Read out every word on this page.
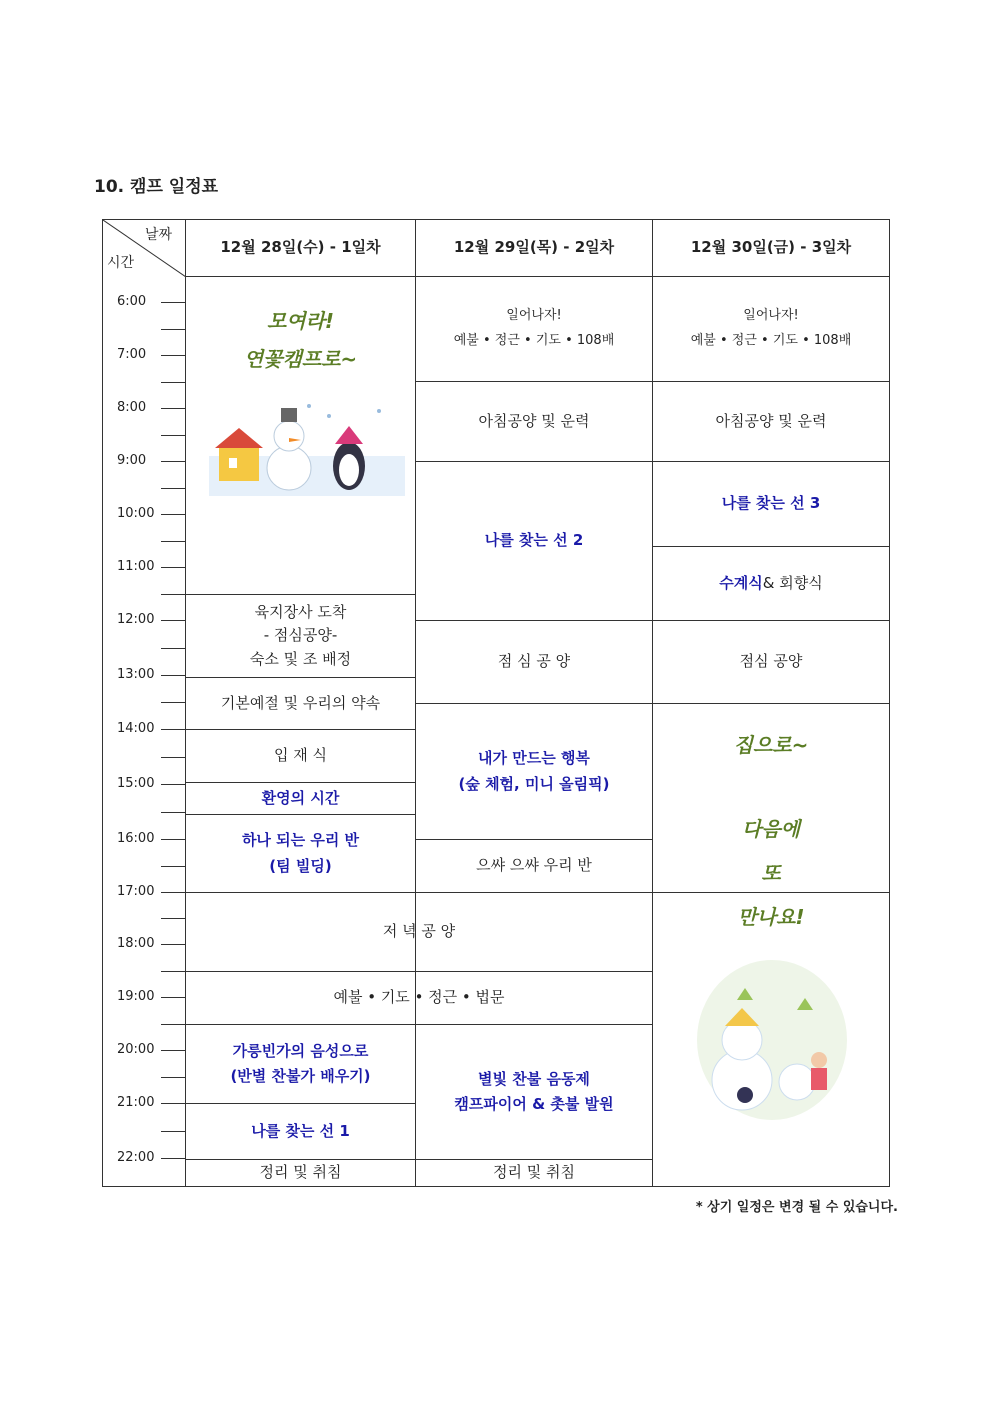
10. 캠프 일정표
날짜
시간
12월 28일(수) - 1일차	12월 29일(목) - 2일차	12월 30일(금) - 3일차
6:00
7:00
8:00
9:00
10:00
11:00
12:00
13:00
14:00
15:00
16:00
17:00
18:00
19:00
20:00
21:00
22:00
모여라!
연꽃캠프로~
육지장사 도착
- 점심공양-
숙소 및 조 배정
기본예절 및 우리의 약속
입 재 식
환영의 시간
하나 되는 우리 반
(팀 빌딩)
가릉빈가의 음성으로
(반별 찬불가 배우기)
나를 찾는 선 1
정리 및 취침
일어나자!
예불 • 정근 • 기도 • 108배
아침공양 및 운력
나를 찾는 선 2
점 심 공 양
내가 만드는 행복
(숲 체험, 미니 올림픽)
으쌰 으쌰 우리 반
별빛 찬불 음동제
캠프파이어 & 촛불 발원
정리 및 취침
저 녁 공 양
예불 • 기도 • 정근 • 법문
일어나자!
예불 • 정근 • 기도 • 108배
아침공양 및 운력
나를 찾는 선 3
수계식 & 회향식
점심 공양
집으로~
다음에
또
만나요!
* 상기 일정은 변경 될 수 있습니다.
